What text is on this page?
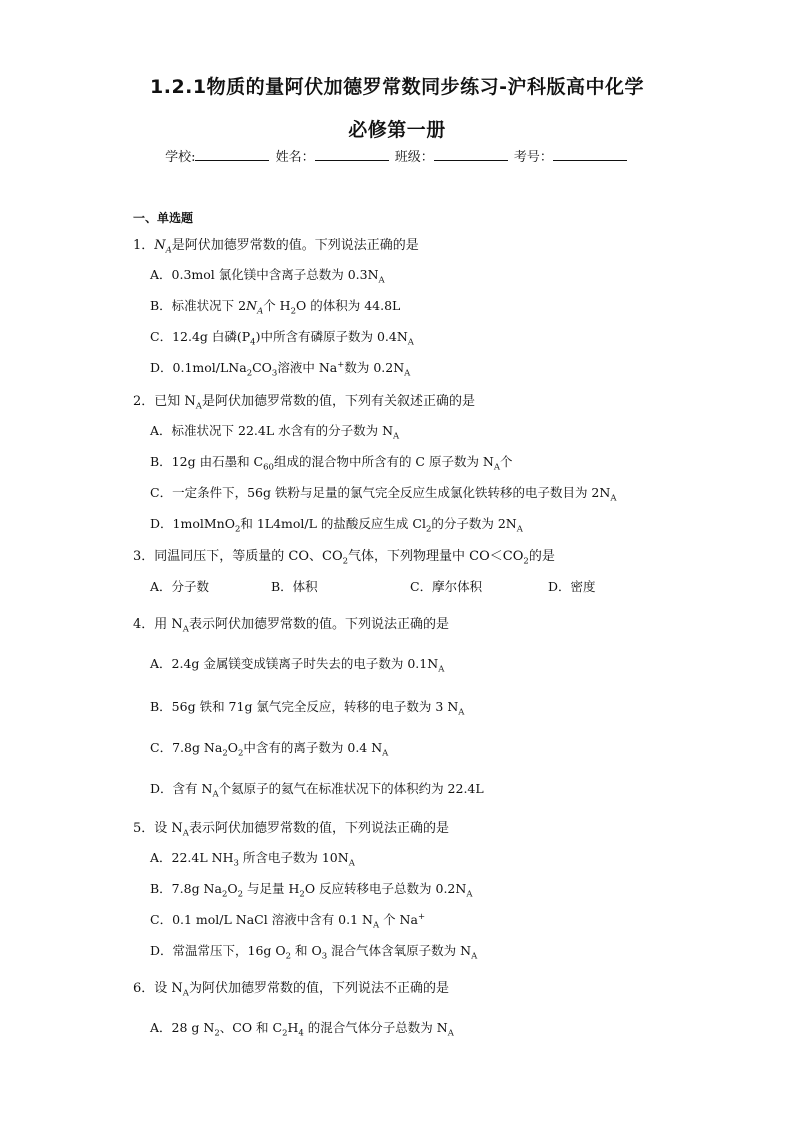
1.2.1物质的量阿伏加德罗常数同步练习-沪科版高中化学
必修第一册
学校:	姓名：	班级：	考号：
一、单选题
1．$N_A$是阿伏加德罗常数的值。下列说法正确的是
A．0.3mol 氯化镁中含离子总数为 $0.3N_A$
B．标准状况下 $2N_A$个 $H_2O$ 的体积为 44.8L
C．12.4g 白磷$(P_4)$中所含有磷原子数为 $0.4N_A$
D．$0.1mol/LNa_2CO_3$溶液中 Na+数为 $0.2N_A$
2．已知 $N_A$是阿伏加德罗常数的值，下列有关叙述正确的是
A．标准状况下 22.4L 水含有的分子数为 $N_A$
B．12g 由石墨和 $C_{60}$组成的混合物中所含有的 C 原子数为 $N_A$个
C．一定条件下，56g 铁粉与足量的氯气完全反应生成氯化铁转移的电子数目为 $2N_A$
D．1molMnO$_2$和 1L4mol/L 的盐酸反应生成 $Cl_2$的分子数为 $2N_A$
3．同温同压下，等质量的 CO、$CO_2$气体，下列物理量中 $CO<CO_2$的是
A．分子数	B．体积	C．摩尔体积	D．密度
4．用 $N_A$表示阿伏加德罗常数的值。下列说法正确的是
A．2.4g 金属镁变成镁离子时失去的电子数为 $0.1N_A$
B．56g 铁和 71g 氯气完全反应，转移的电子数为 3 $N_A$
C．7.8g $Na_2O_2$中含有的离子数为 0.4 $N_A$
D．含有 $N_A$个氦原子的氦气在标准状况下的体积约为 22.4L
5．设 $N_A$表示阿伏加德罗常数的值，下列说法正确的是
A．22.4L $NH_3$ 所含电子数为 $10N_A$
B．7.8g $Na_2O_2$ 与足量 $H_2O$ 反应转移电子总数为 $0.2N_A$
C．0.1 mol/L NaCl 溶液中含有 0.1 $N_A$ 个 Na+
D．常温常压下，16g $O_2$ 和 $O_3$ 混合气体含氧原子数为 $N_A$
6．设 $N_A$为阿伏加德罗常数的值，下列说法不正确的是
A．28 g $N_2$、CO 和 $C_2H_4$ 的混合气体分子总数为 $N_A$
